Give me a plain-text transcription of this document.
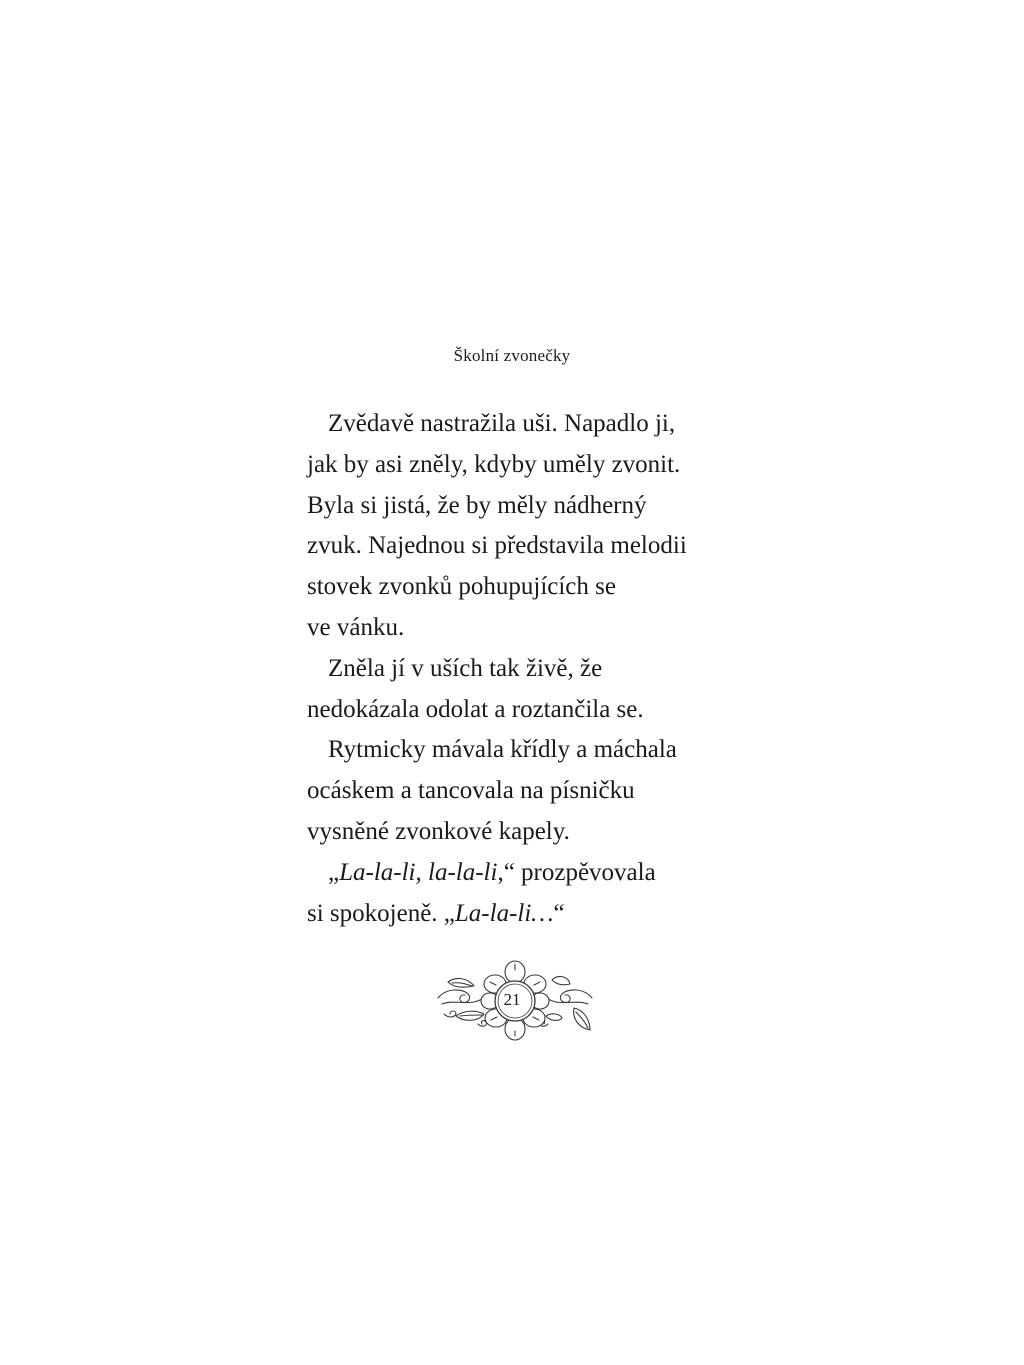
Školní zvonečky
Zvědavě nastražila uši. Napadlo ji,
jak by asi zněly, kdyby uměly zvonit.
Byla si jistá, že by měly nádherný
zvuk. Najednou si představila melodii
stovek zvonků pohupujících se
ve vánku.
Zněla jí v uších tak živě, že
nedokázala odolat a roztančila se.
Rytmicky mávala křídly a máchala
ocáskem a tancovala na písničku
vysněné zvonkové kapely.
„La-la-li, la-la-li,“ prozpěvovala
si spokojeně. „La-la-li…“
21
